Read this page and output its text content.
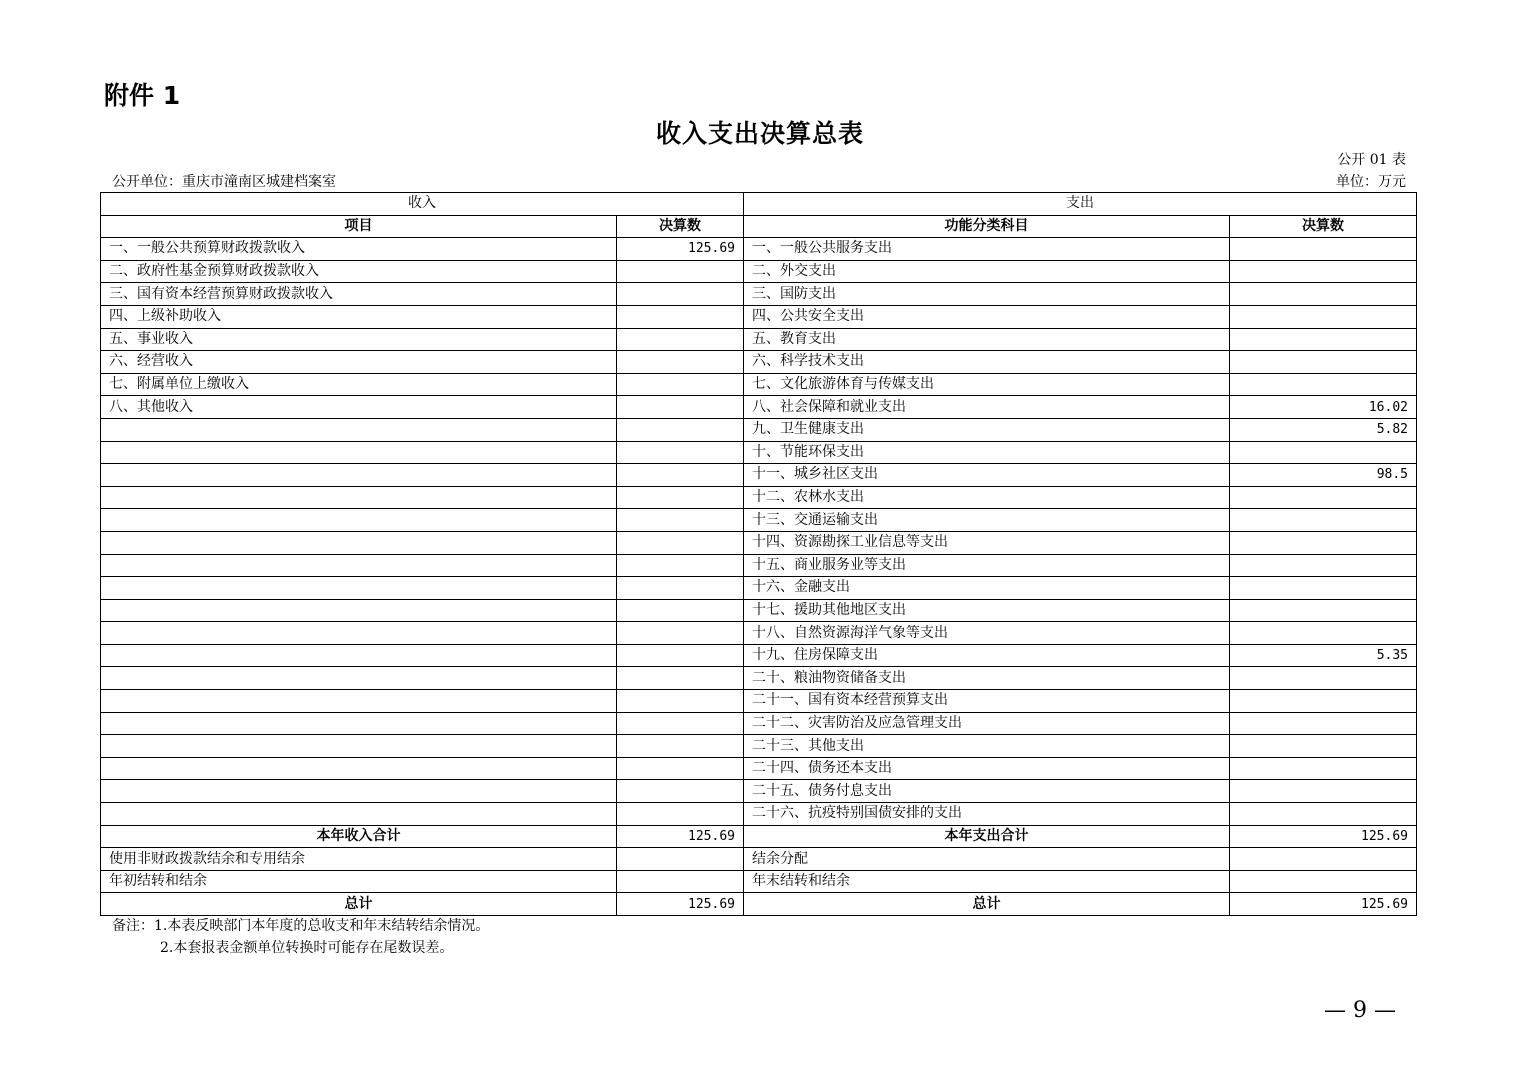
附件 1
收入支出决算总表
公开 01 表
公开单位：重庆市潼南区城建档案室	单位：万元
收入		支出	
项目	决算数	功能分类科目	决算数
一、一般公共预算财政拨款收入	125.69	一、一般公共服务支出	
二、政府性基金预算财政拨款收入		二、外交支出	
三、国有资本经营预算财政拨款收入		三、国防支出	
四、上级补助收入		四、公共安全支出	
五、事业收入		五、教育支出	
六、经营收入		六、科学技术支出	
七、附属单位上缴收入		七、文化旅游体育与传媒支出	
八、其他收入		八、社会保障和就业支出	16.02
		九、卫生健康支出	5.82
		十、节能环保支出	
		十一、城乡社区支出	98.5
		十二、农林水支出	
		十三、交通运输支出	
		十四、资源勘探工业信息等支出	
		十五、商业服务业等支出	
		十六、金融支出	
		十七、援助其他地区支出	
		十八、自然资源海洋气象等支出	
		十九、住房保障支出	5.35
		二十、粮油物资储备支出	
		二十一、国有资本经营预算支出	
		二十二、灾害防治及应急管理支出	
		二十三、其他支出	
		二十四、债务还本支出	
		二十五、债务付息支出	
		二十六、抗疫特别国债安排的支出	
本年收入合计	125.69	本年支出合计	125.69
使用非财政拨款结余和专用结余		结余分配	
年初结转和结余		年末结转和结余	
总计	125.69	总计	125.69
备注：1.本表反映部门本年度的总收支和年末结转结余情况。
2.本套报表金额单位转换时可能存在尾数误差。
— 9 —
